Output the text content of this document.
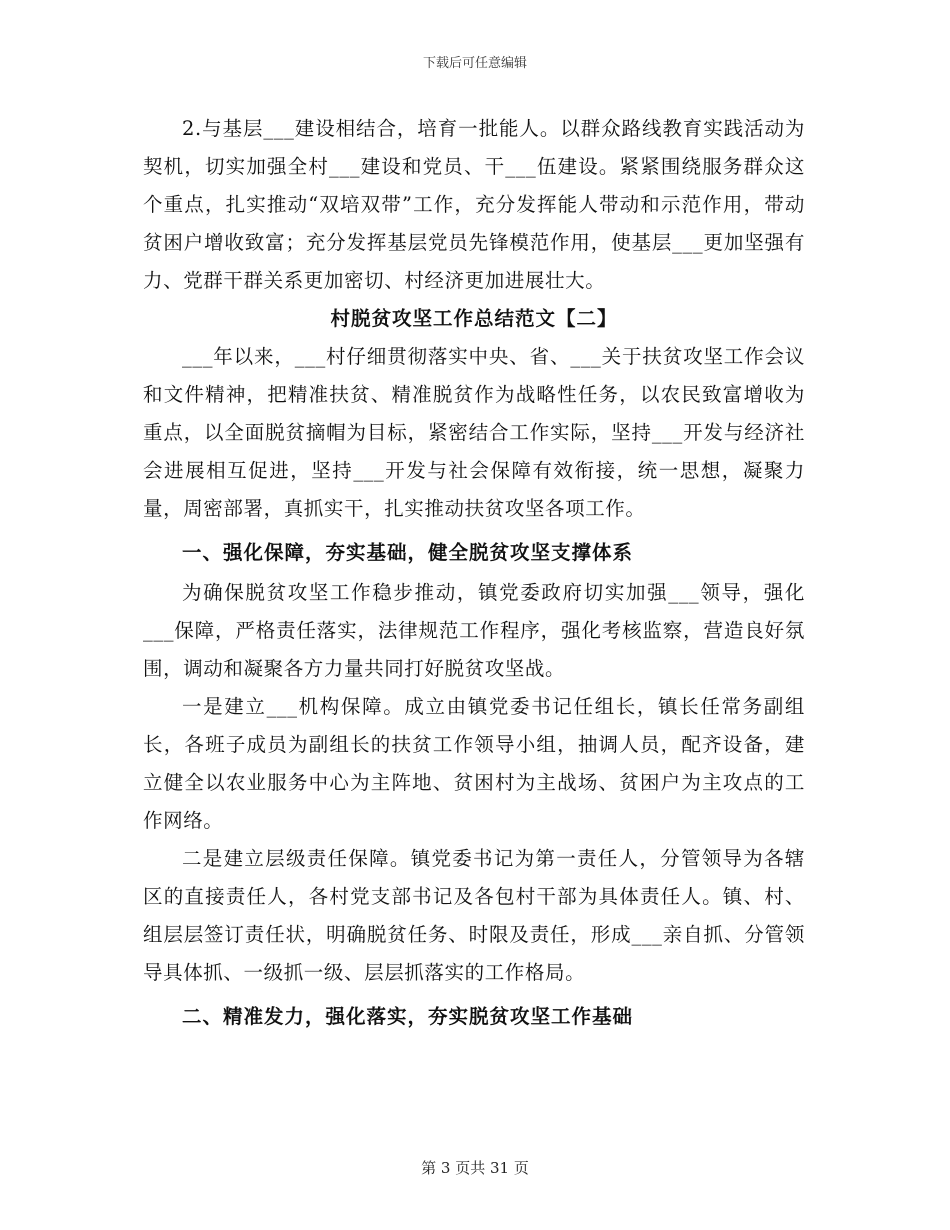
下载后可任意编辑

2.与基层___建设相结合，培育一批能人。以群众路线教育实践活动为契机，切实加强全村___建设和党员、干___伍建设。紧紧围绕服务群众这个重点，扎实推动“双培双带”工作，充分发挥能人带动和示范作用，带动贫困户增收致富；充分发挥基层党员先锋模范作用，使基层___更加坚强有力、党群干群关系更加密切、村经济更加进展壮大。

村脱贫攻坚工作总结范文【二】

___年以来，___村仔细贯彻落实中央、省、___关于扶贫攻坚工作会议和文件精神，把精准扶贫、精准脱贫作为战略性任务，以农民致富增收为重点，以全面脱贫摘帽为目标，紧密结合工作实际，坚持___开发与经济社会进展相互促进，坚持___开发与社会保障有效衔接，统一思想，凝聚力量，周密部署，真抓实干，扎实推动扶贫攻坚各项工作。

一、强化保障，夯实基础，健全脱贫攻坚支撑体系

为确保脱贫攻坚工作稳步推动，镇党委政府切实加强___领导，强化___保障，严格责任落实，法律规范工作程序，强化考核监察，营造良好氛围，调动和凝聚各方力量共同打好脱贫攻坚战。

一是建立___机构保障。成立由镇党委书记任组长，镇长任常务副组长，各班子成员为副组长的扶贫工作领导小组，抽调人员，配齐设备，建立健全以农业服务中心为主阵地、贫困村为主战场、贫困户为主攻点的工作网络。

二是建立层级责任保障。镇党委书记为第一责任人，分管领导为各辖区的直接责任人，各村党支部书记及各包村干部为具体责任人。镇、村、组层层签订责任状，明确脱贫任务、时限及责任，形成___亲自抓、分管领导具体抓、一级抓一级、层层抓落实的工作格局。

二、精准发力，强化落实，夯实脱贫攻坚工作基础

第 3 页共 31 页
